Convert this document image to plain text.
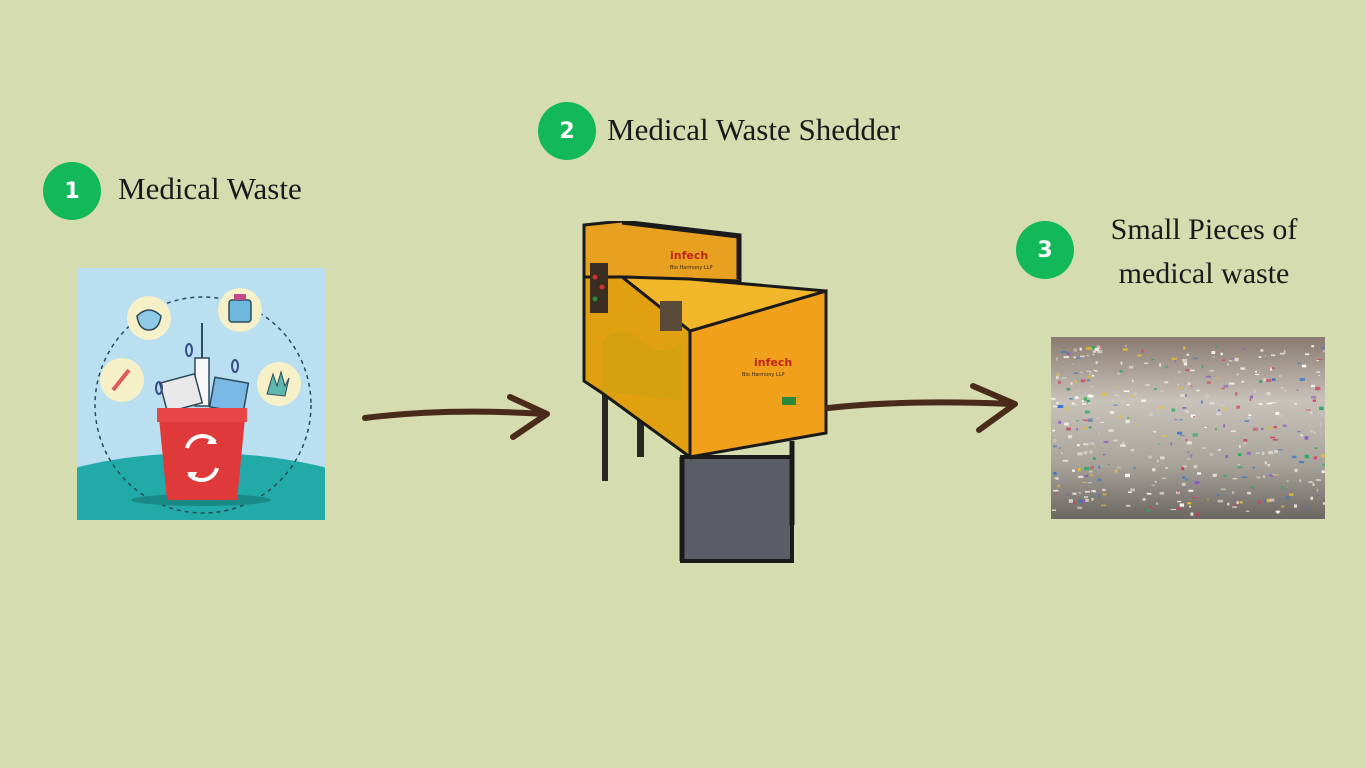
1	Medical Waste
2	Medical Waste Shedder
infech
Bio Harmony LLP
infech
Bio Harmony LLP
3
Small Pieces of
medical waste
